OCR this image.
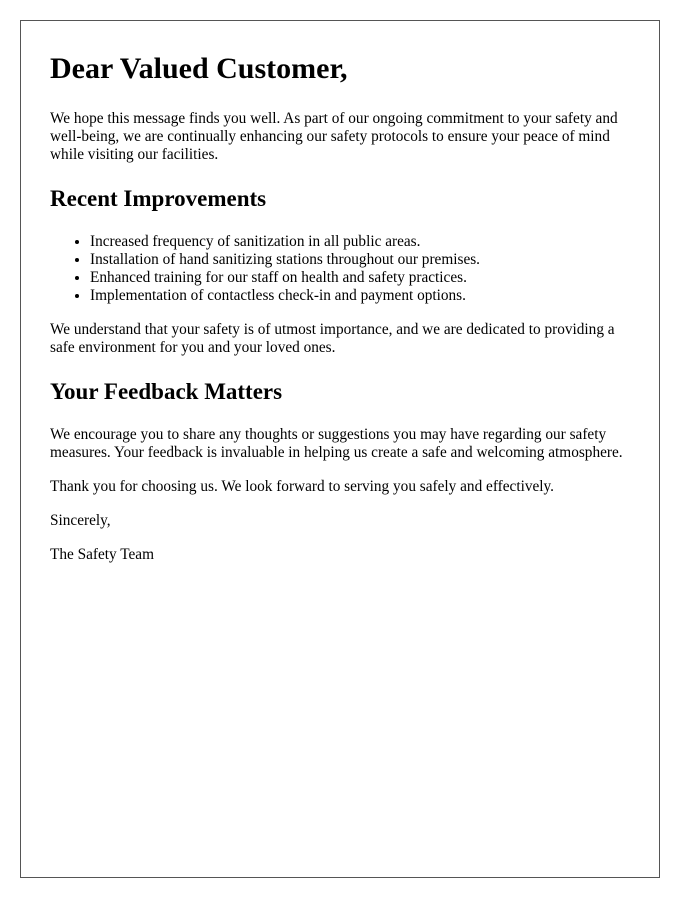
Dear Valued Customer,

We hope this message finds you well. As part of our ongoing commitment to your safety and well-being, we are continually enhancing our safety protocols to ensure your peace of mind while visiting our facilities.

Recent Improvements
• Increased frequency of sanitization in all public areas.
• Installation of hand sanitizing stations throughout our premises.
• Enhanced training for our staff on health and safety practices.
• Implementation of contactless check-in and payment options.

We understand that your safety is of utmost importance, and we are dedicated to providing a safe environment for you and your loved ones.

Your Feedback Matters

We encourage you to share any thoughts or suggestions you may have regarding our safety measures. Your feedback is invaluable in helping us create a safe and welcoming atmosphere.

Thank you for choosing us. We look forward to serving you safely and effectively.

Sincerely,

The Safety Team
